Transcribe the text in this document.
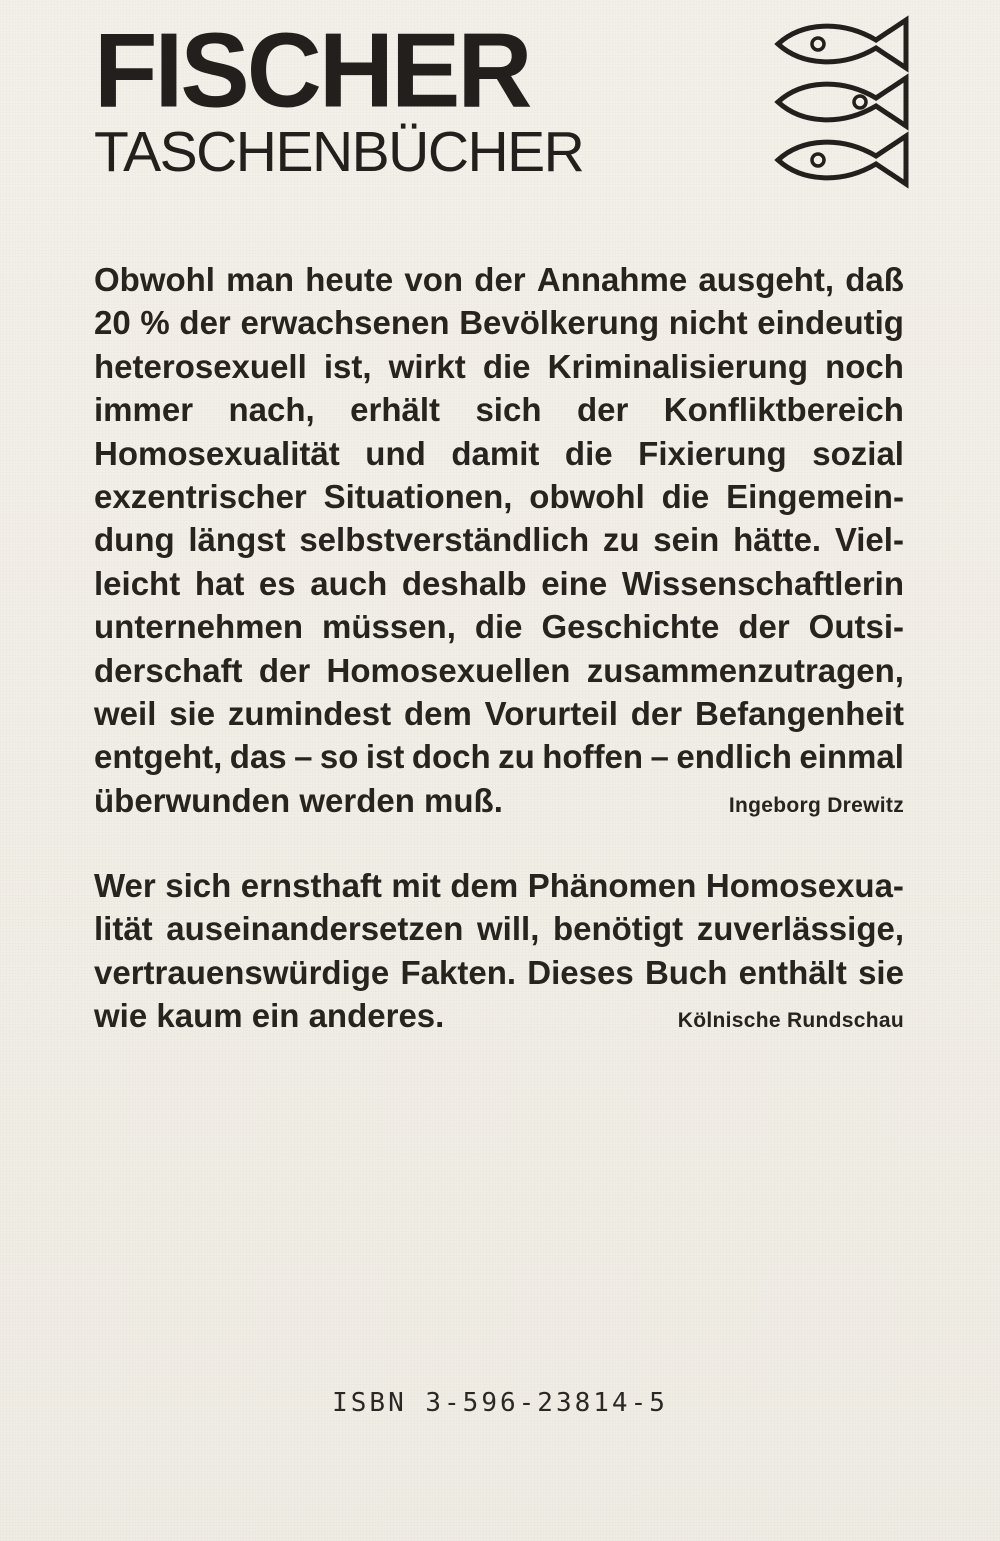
FISCHER
TASCHENBÜCHER
Obwohl man heute von der Annahme ausgeht, daß
20 % der erwachsenen Bevölkerung nicht eindeutig
heterosexuell ist, wirkt die Kriminalisierung noch
immer nach, erhält sich der Konfliktbereich
Homosexualität und damit die Fixierung sozial
exzentrischer Situationen, obwohl die Eingemein-
dung längst selbstverständlich zu sein hätte. Viel-
leicht hat es auch deshalb eine Wissenschaftlerin
unternehmen müssen, die Geschichte der Outsi-
derschaft der Homosexuellen zusammenzutragen,
weil sie zumindest dem Vorurteil der Befangenheit
entgeht, das – so ist doch zu hoffen – endlich einmal
überwunden werden muß.	Ingeborg Drewitz
Wer sich ernsthaft mit dem Phänomen Homosexua-
lität auseinandersetzen will, benötigt zuverlässige,
vertrauenswürdige Fakten. Dieses Buch enthält sie
wie kaum ein anderes.	Kölnische Rundschau
ISBN 3-596-23814-5
